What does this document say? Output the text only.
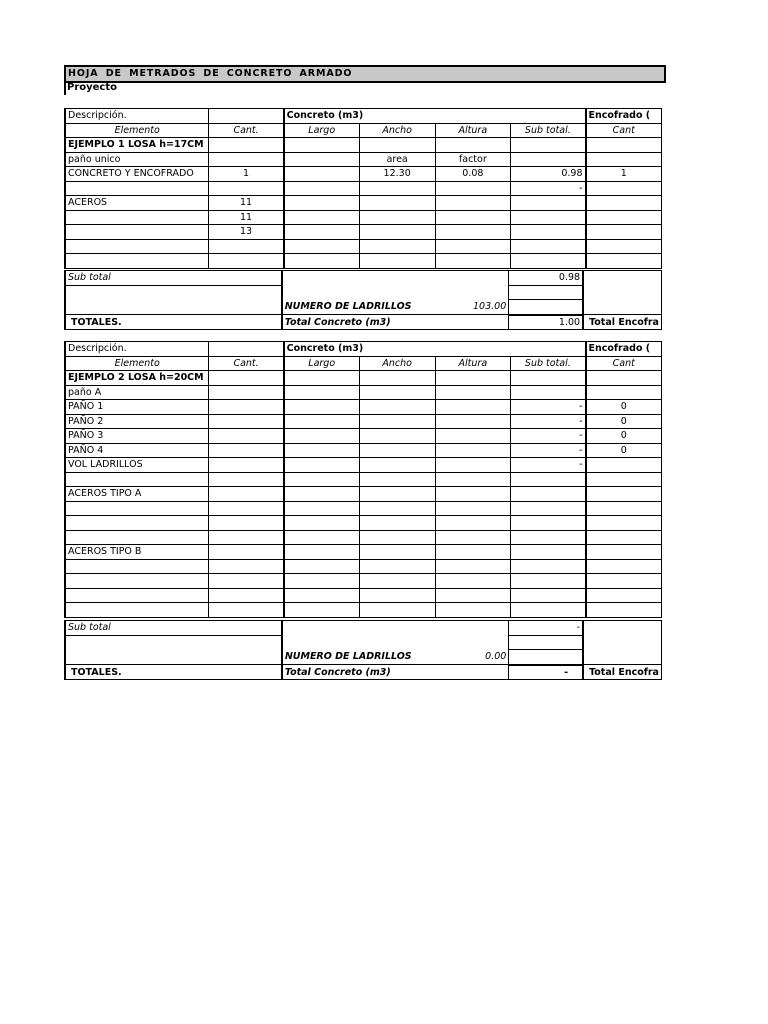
HOJA DE METRADOS DE CONCRETO ARMADO
Proyecto
Descripción.		Concreto (m3)				Encofrado (
Elemento	Cant.	Largo	Ancho	Altura	Sub total.	Cant
EJEMPLO 1 LOSA h=17CM						
paño unico			area	factor		
CONCRETO Y ENCOFRADO	1		12.30	0.08	0.98	1
					-	
ACEROS	11					
	11					
	13					

Sub total	NUMERO DE LADRILLOS 103.00	0.98	

TOTALES.	Total Concreto (m3)	1.00	Total Encofra
Descripción.		Concreto (m3)				Encofrado (
Elemento	Cant.	Largo	Ancho	Altura	Sub total.	Cant
EJEMPLO 2 LOSA h=20CM						
paño A						
PAÑO 1					-	0
PAÑO 2					-	0
PAÑO 3					-	0
PAÑO 4					-	0
VOL LADRILLOS					-	

ACEROS TIPO A						

ACEROS TIPO B						

Sub total	NUMERO DE LADRILLOS 0.00	-	

TOTALES.	Total Concreto (m3)	-	Total Encofra
